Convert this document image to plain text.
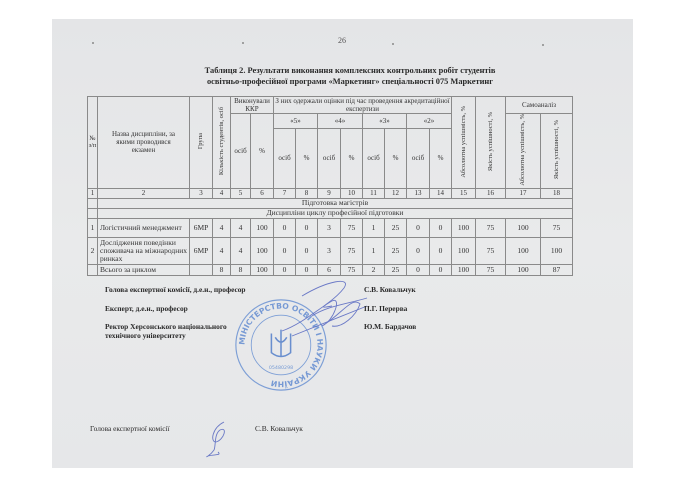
26
Таблиця 2. Результати виконання комплексних контрольних робіт студентів
освітньо-професійної програми «Маркетинг» спеціальності 075 Маркетинг
№ з/п	Назва дисципліни, за якими проводився екзамен	Група	Кількість студентів, осіб	Виконували ККР		З них одержали оцінки під час проведення акредитаційної експертизи								Абсолютна успішність, %	Якість успішності, %	Самоаналіз	
				осіб	%	«5»		«4»		«3»		«2»				Абсолютна успішність, %	Якість успішності, %
						осіб	%	осіб	%	осіб	%	осіб	%				
1	2	3	4	5	6	7	8	9	10	11	12	13	14	15	16	17	18
	Підготовка магістрів																
	Дисципліни циклу професійної підготовки																
1	Логістичний менеджмент	6МР	4	4	100	0	0	3	75	1	25	0	0	100	75	100	75
2	Дослідження поведінки споживача на міжнародних ринках	6МР	4	4	100	0	0	3	75	1	25	0	0	100	75	100	100
	Всього за циклом		8	8	100	0	0	6	75	2	25	0	0	100	75	100	87
МІНІСТЕРСТВО ОСВІТИ І НАУКИ УКРАЇНИ
05480298
Голова експертної комісії, д.е.н., професор	С.В. Ковальчук
Експерт, д.е.н., професор	П.Г. Перерва
Ректор Херсонського національного технічного університету
Ю.М. Бардачов
Голова експертної комісії	С.В. Ковальчук
